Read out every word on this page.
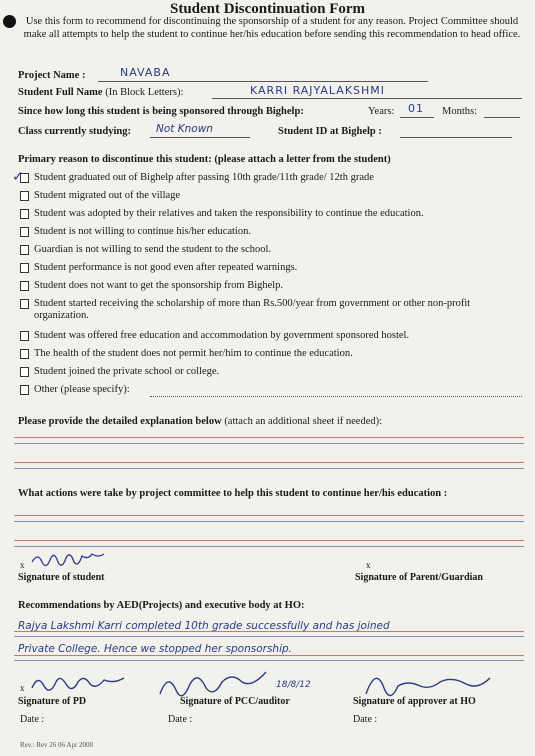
Student Discontinuation Form
Use this form to recommend for discontinuing the sponsorship of a student for any reason. Project Committee should make all attempts to help the student to continue her/his education before sending this recommendation to head office.
Project Name :	NAVABA
Student Full Name (In Block Letters):	KARRI RAJYALAKSHMI
Since how long this student is being sponsored through Bighelp:	Years: 01 Months:
Class currently studying: Not Known	Student ID at Bighelp :
Primary reason to discontinue this student: (please attach a letter from the student)
Student graduated out of Bighelp after passing 10th grade/11th grade/ 12th grade
Student migrated out of the village
Student was adopted by their relatives and taken the responsibility to continue the education.
Student is not willing to continue his/her education.
Guardian is not willing to send the student to the school.
Student performance is not good even after repeated warnings.
Student does not want to get the sponsorship from Bighelp.
Student started receiving the scholarship of more than Rs.500/year from government or other non-profit organization.
Student was offered free education and accommodation by government sponsored hostel.
The health of the student does not permit her/him to continue the education.
Student joined the private school or college.
Other (please specify):
✓
Please provide the detailed explanation below (attach an additional sheet if needed):
What actions were take by project committee to help this student to continue her/his education :
x
Signature of student
x
Signature of Parent/Guardian
Recommendations by AED(Projects) and executive body at HO:
Rajya Lakshmi Karri completed 10th grade successfully and has joined
Private College. Hence we stopped her sponsorship.
x
Signature of PD
Date :
18/8/12
Signature of PCC/auditor
Date :
Signature of approver at HO
Date :
Rev.: Rev 26 06 Apr 2008
